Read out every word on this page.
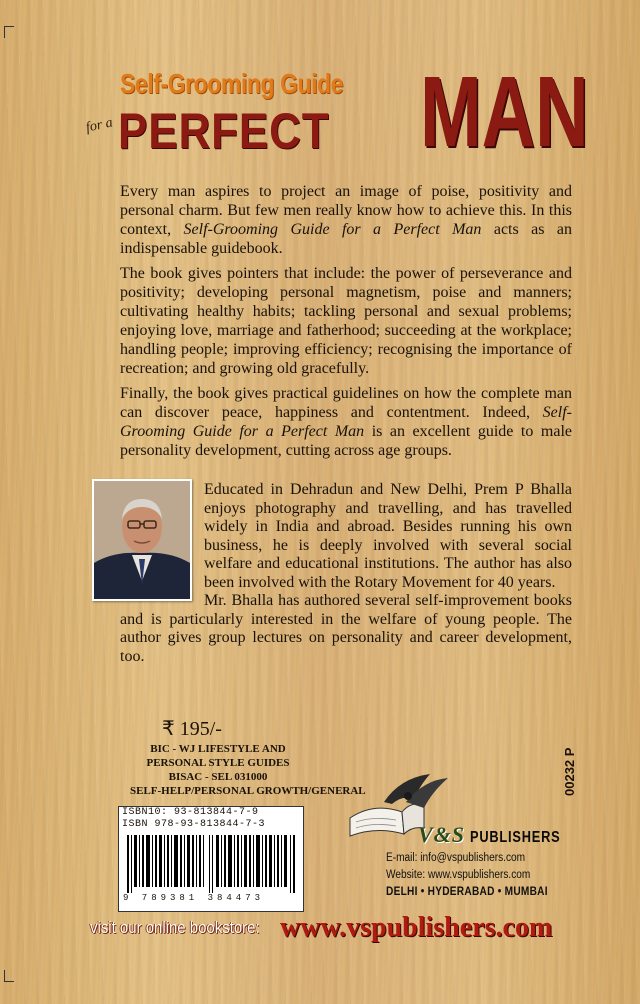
Self-Grooming Guide
for a PERFECT MAN

Every man aspires to project an image of poise, positivity and personal charm. But few men really know how to achieve this. In this context, Self-Grooming Guide for a Perfect Man acts as an indispensable guidebook.

The book gives pointers that include: the power of perseverance and positivity; developing personal magnetism, poise and manners; cultivating healthy habits; tackling personal and sexual problems; enjoying love, marriage and fatherhood; succeeding at the workplace; handling people; improving efficiency; recognising the importance of recreation; and growing old gracefully.

Finally, the book gives practical guidelines on how the complete man can discover peace, happiness and contentment. Indeed, Self-Grooming Guide for a Perfect Man is an excellent guide to male personality development, cutting across age groups.

Educated in Dehradun and New Delhi, Prem P Bhalla enjoys photography and travelling, and has travelled widely in India and abroad. Besides running his own business, he is deeply involved with several social welfare and educational institutions. The author has also been involved with the Rotary Movement for 40 years.

Mr. Bhalla has authored several self-improvement books and is particularly interested in the welfare of young people. The author gives group lectures on personality and career development, too.

₹ 195/-
BIC - WJ LIFESTYLE AND
PERSONAL STYLE GUIDES
BISAC - SEL 031000
SELF-HELP/PERSONAL GROWTH/GENERAL
ISBN10: 93-813844-7-9
ISBN 978-93-813844-7-3
9 789381 384473
00232 P
V&S PUBLISHERS
E-mail: info@vspublishers.com
Website: www.vspublishers.com
DELHI • HYDERABAD • MUMBAI
visit our online bookstore: www.vspublishers.com
